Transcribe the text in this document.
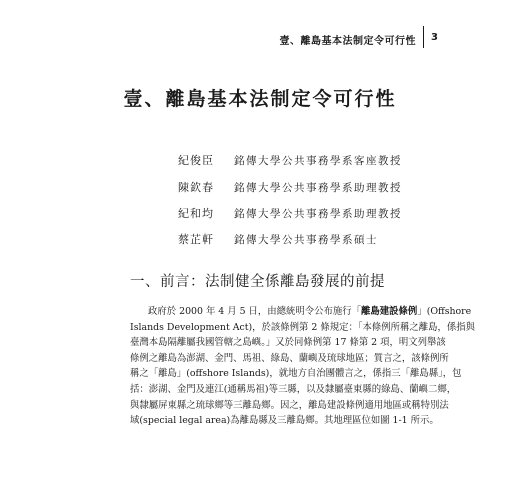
壹、離島基本法制定令可行性 3
壹、離島基本法制定令可行性
紀俊臣	銘傳大學公共事務學系客座教授
陳欽春	銘傳大學公共事務學系助理教授
紀和均	銘傳大學公共事務學系助理教授
蔡芷軒	銘傳大學公共事務學系碩士
一、前言：法制健全係離島發展的前提
政府於 2000 年 4 月 5 日，由總統明令公布施行「離島建設條例」(Offshore
Islands Development Act)，於該條例第 2 條規定：「本條例所稱之離島，係指與
臺灣本島隔離屬我國管轄之島嶼。」又於同條例第 17 條第 2 項，明文列舉該
條例之離島為澎湖、金門、馬祖、綠島、蘭嶼及琉球地區；質言之，該條例所
稱之「離島」(offshore Islands)，就地方自治團體言之，係指三「離島縣」，包
括：澎湖、金門及連江(通稱馬祖)等三縣，以及隸屬臺東縣的綠島、蘭嶼二鄉，
與隸屬屏東縣之琉球鄉等三離島鄉。因之，離島建設條例適用地區或稱特別法
域(special legal area)為離島縣及三離島鄉。其地理區位如圖 1-1 所示。
